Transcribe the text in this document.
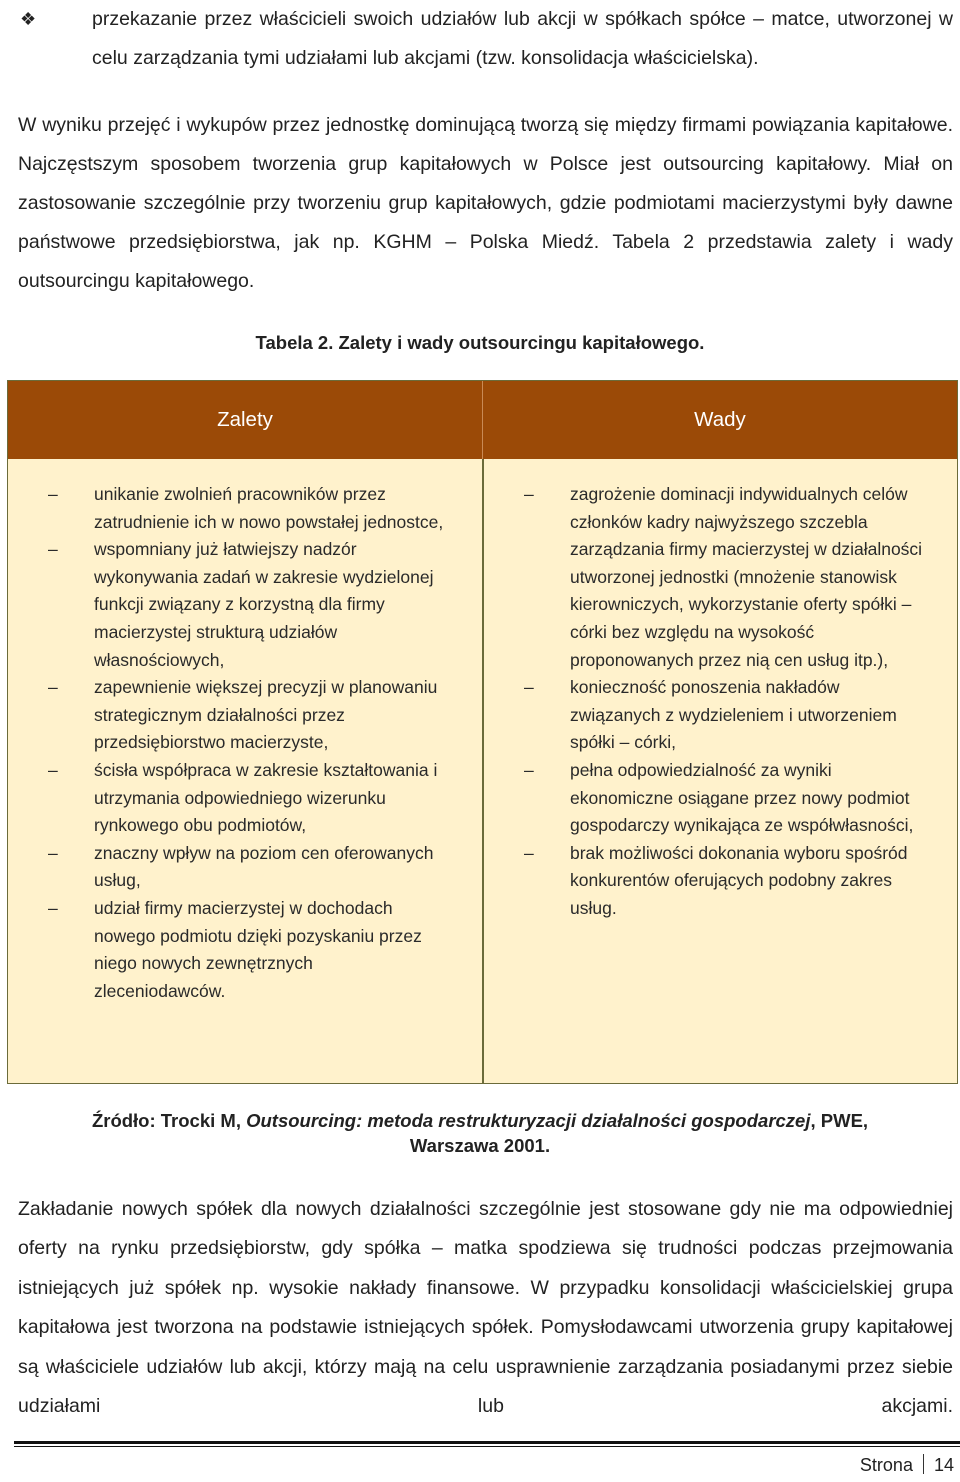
❖	przekazanie przez właścicieli swoich udziałów lub akcji w spółkach spółce – matce, utworzonej w celu zarządzania tymi udziałami lub akcjami (tzw. konsolidacja właścicielska).
W wyniku przejęć i wykupów przez jednostkę dominującą tworzą się między firmami powiązania kapitałowe. Najczęstszym sposobem tworzenia grup kapitałowych w Polsce jest outsourcing kapitałowy. Miał on zastosowanie szczególnie przy tworzeniu grup kapitałowych, gdzie podmiotami macierzystymi były dawne państwowe przedsiębiorstwa, jak np. KGHM – Polska Miedź. Tabela 2 przedstawia zalety i wady outsourcingu kapitałowego.
Tabela 2. Zalety i wady outsourcingu kapitałowego.
Zalety	Wady
– unikanie zwolnień pracowników przez zatrudnienie ich w nowo powstałej jednostce,
– wspomniany już łatwiejszy nadzór wykonywania zadań w zakresie wydzielonej funkcji związany z korzystną dla firmy macierzystej strukturą udziałów własnościowych,
– zapewnienie większej precyzji w planowaniu strategicznym działalności przez przedsiębiorstwo macierzyste,
– ścisła współpraca w zakresie kształtowania i utrzymania odpowiedniego wizerunku rynkowego obu podmiotów,
– znaczny wpływ na poziom cen oferowanych usług,
– udział firmy macierzystej w dochodach nowego podmiotu dzięki pozyskaniu przez niego nowych zewnętrznych zleceniodawców.
– zagrożenie dominacji indywidualnych celów członków kadry najwyższego szczebla zarządzania firmy macierzystej w działalności utworzonej jednostki (mnożenie stanowisk kierowniczych, wykorzystanie oferty spółki – córki bez względu na wysokość proponowanych przez nią cen usług itp.),
– konieczność ponoszenia nakładów związanych z wydzieleniem i utworzeniem spółki – córki,
– pełna odpowiedzialność za wyniki ekonomiczne osiągane przez nowy podmiot gospodarczy wynikająca ze współwłasności,
– brak możliwości dokonania wyboru spośród konkurentów oferujących podobny zakres usług.
Źródło: Trocki M, Outsourcing: metoda restrukturyzacji działalności gospodarczej, PWE,
Warszawa 2001.
Zakładanie nowych spółek dla nowych działalności szczególnie jest stosowane gdy nie ma odpowiedniej oferty na rynku przedsiębiorstw, gdy spółka – matka spodziewa się trudności podczas przejmowania istniejących już spółek np. wysokie nakłady finansowe. W przypadku konsolidacji właścicielskiej grupa kapitałowa jest tworzona na podstawie istniejących spółek. Pomysłodawcami utworzenia grupy kapitałowej są właściciele udziałów lub akcji, którzy mają na celu usprawnienie zarządzania posiadanymi przez siebie udziałami lub akcjami.
Strona 14
